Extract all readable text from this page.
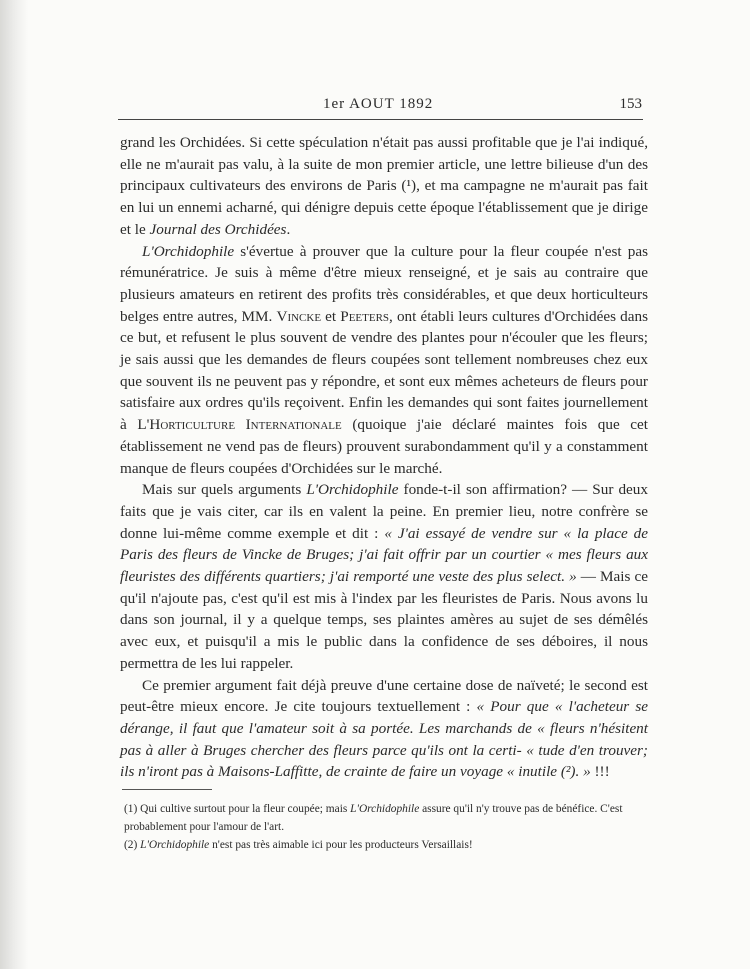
1er AOUT 1892	153

grand les Orchidées. Si cette spéculation n'était pas aussi profitable que je l'ai indiqué, elle ne m'aurait pas valu, à la suite de mon premier article, une lettre bilieuse d'un des principaux cultivateurs des environs de Paris (¹), et ma campagne ne m'aurait pas fait en lui un ennemi acharné, qui dénigre depuis cette époque l'établissement que je dirige et le Journal des Orchidées.

L'Orchidophile s'évertue à prouver que la culture pour la fleur coupée n'est pas rémunératrice. Je suis à même d'être mieux renseigné, et je sais au contraire que plusieurs amateurs en retirent des profits très considérables, et que deux horticulteurs belges entre autres, MM. Vincke et Peeters, ont établi leurs cultures d'Orchidées dans ce but, et refusent le plus souvent de vendre des plantes pour n'écouler que les fleurs; je sais aussi que les demandes de fleurs coupées sont tellement nombreuses chez eux que souvent ils ne peuvent pas y répondre, et sont eux mêmes acheteurs de fleurs pour satisfaire aux ordres qu'ils reçoivent. Enfin les demandes qui sont faites journellement à L'Horticulture Internationale (quoique j'aie déclaré maintes fois que cet établissement ne vend pas de fleurs) prouvent surabondamment qu'il y a constamment manque de fleurs coupées d'Orchidées sur le marché.

Mais sur quels arguments L'Orchidophile fonde-t-il son affirmation? — Sur deux faits que je vais citer, car ils en valent la peine. En premier lieu, notre confrère se donne lui-même comme exemple et dit : « J'ai essayé de vendre sur « la place de Paris des fleurs de Vincke de Bruges; j'ai fait offrir par un courtier « mes fleurs aux fleuristes des différents quartiers; j'ai remporté une veste des plus select. » — Mais ce qu'il n'ajoute pas, c'est qu'il est mis à l'index par les fleuristes de Paris. Nous avons lu dans son journal, il y a quelque temps, ses plaintes amères au sujet de ses démêlés avec eux, et puisqu'il a mis le public dans la confidence de ses déboires, il nous permettra de les lui rappeler.

Ce premier argument fait déjà preuve d'une certaine dose de naïveté; le second est peut-être mieux encore. Je cite toujours textuellement : « Pour que « l'acheteur se dérange, il faut que l'amateur soit à sa portée. Les marchands de « fleurs n'hésitent pas à aller à Bruges chercher des fleurs parce qu'ils ont la certi- « tude d'en trouver; ils n'iront pas à Maisons-Laffitte, de crainte de faire un voyage « inutile (²). » !!!

(1) Qui cultive surtout pour la fleur coupée; mais L'Orchidophile assure qu'il n'y trouve pas de bénéfice. C'est probablement pour l'amour de l'art.

(2) L'Orchidophile n'est pas très aimable ici pour les producteurs Versaillais!
